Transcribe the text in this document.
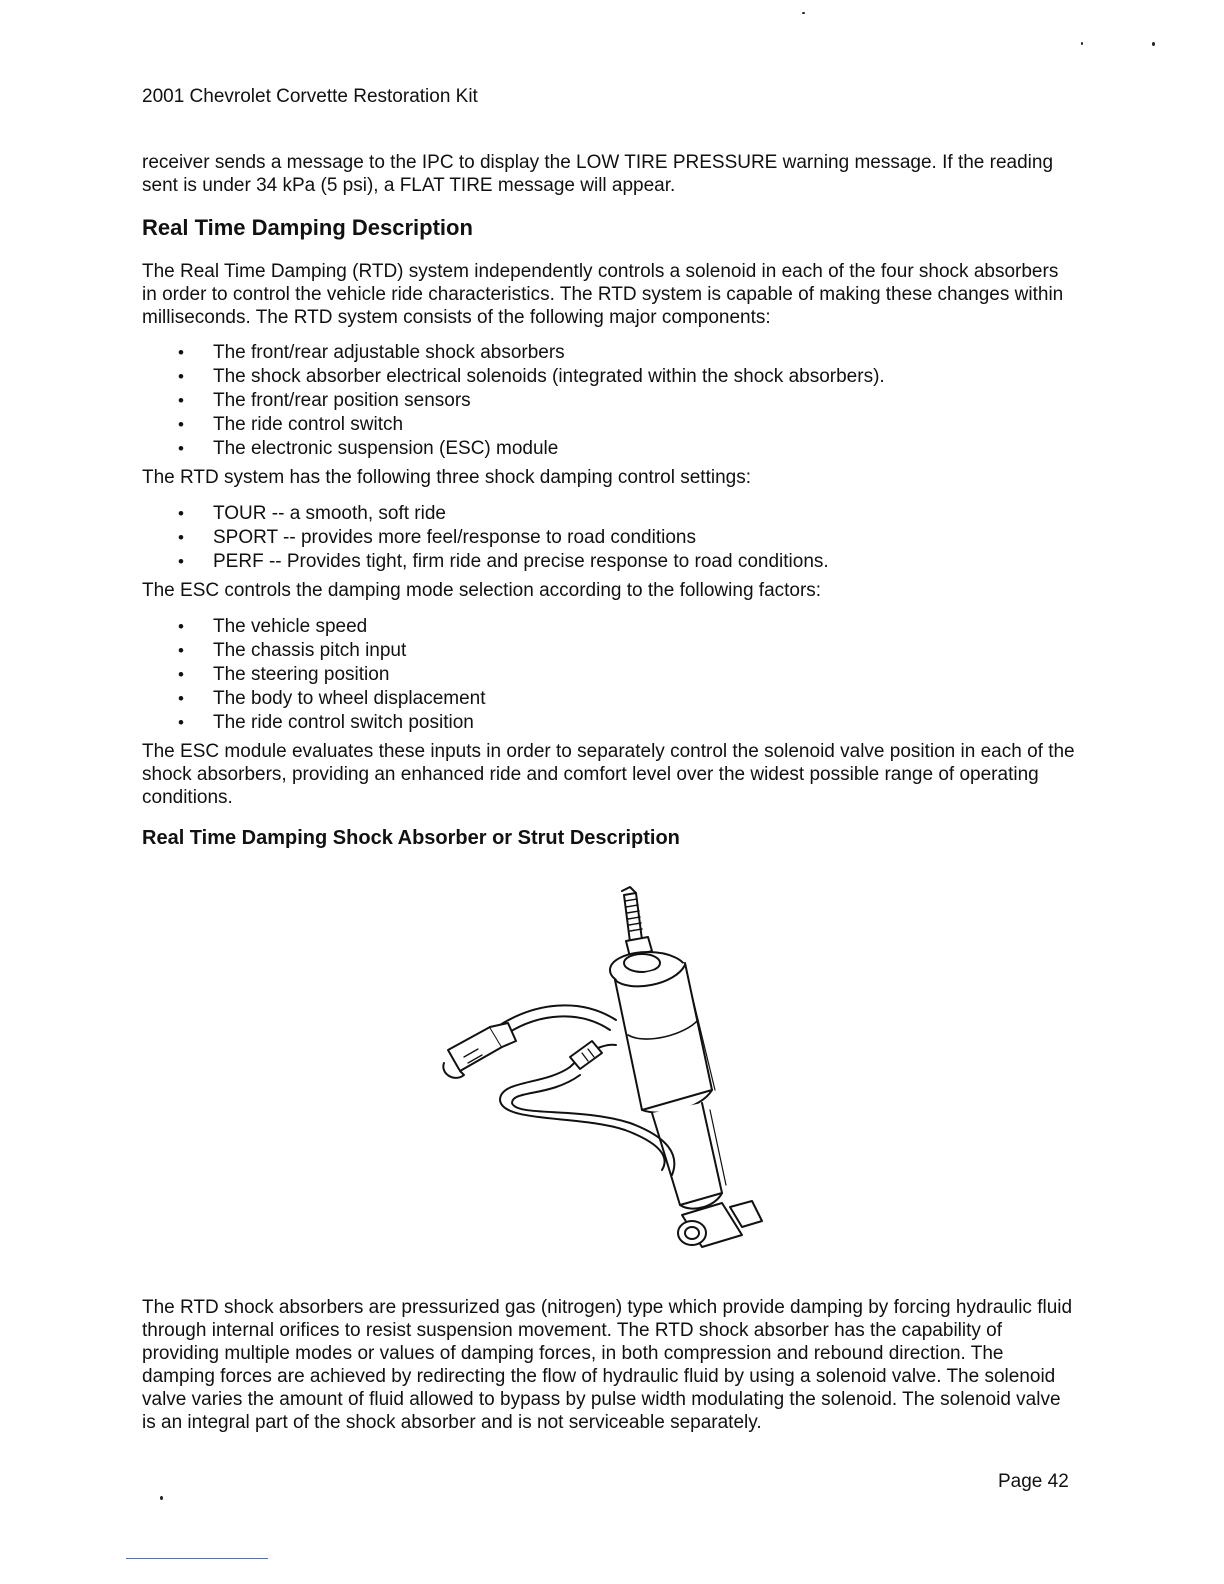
2001 Chevrolet Corvette Restoration Kit

receiver sends a message to the IPC to display the LOW TIRE PRESSURE warning message. If the reading sent is under 34 kPa (5 psi), a FLAT TIRE message will appear.

Real Time Damping Description

The Real Time Damping (RTD) system independently controls a solenoid in each of the four shock absorbers in order to control the vehicle ride characteristics. The RTD system is capable of making these changes within milliseconds. The RTD system consists of the following major components:

• The front/rear adjustable shock absorbers
• The shock absorber electrical solenoids (integrated within the shock absorbers).
• The front/rear position sensors
• The ride control switch
• The electronic suspension (ESC) module

The RTD system has the following three shock damping control settings:

• TOUR -- a smooth, soft ride
• SPORT -- provides more feel/response to road conditions
• PERF -- Provides tight, firm ride and precise response to road conditions.

The ESC controls the damping mode selection according to the following factors:

• The vehicle speed
• The chassis pitch input
• The steering position
• The body to wheel displacement
• The ride control switch position

The ESC module evaluates these inputs in order to separately control the solenoid valve position in each of the shock absorbers, providing an enhanced ride and comfort level over the widest possible range of operating conditions.

Real Time Damping Shock Absorber or Strut Description

The RTD shock absorbers are pressurized gas (nitrogen) type which provide damping by forcing hydraulic fluid through internal orifices to resist suspension movement. The RTD shock absorber has the capability of providing multiple modes or values of damping forces, in both compression and rebound direction. The damping forces are achieved by redirecting the flow of hydraulic fluid by using a solenoid valve. The solenoid valve varies the amount of fluid allowed to bypass by pulse width modulating the solenoid. The solenoid valve is an integral part of the shock absorber and is not serviceable separately.

Page 42
